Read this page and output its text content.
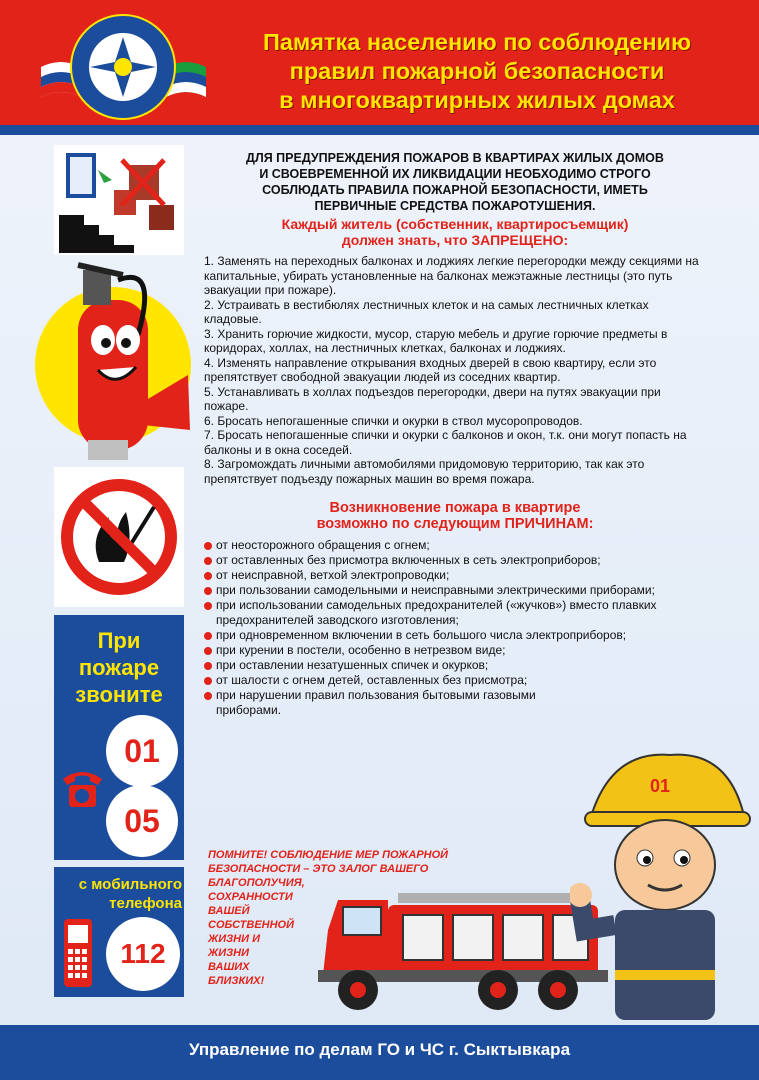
Памятка населению по соблюдению
правил пожарной безопасности
в многоквартирных жилых домах
При
пожаре
звоните
01
05
с мобильного
телефона
112
ДЛЯ ПРЕДУПРЕЖДЕНИЯ ПОЖАРОВ В КВАРТИРАХ ЖИЛЫХ ДОМОВ
И СВОЕВРЕМЕННОЙ ИХ ЛИКВИДАЦИИ НЕОБХОДИМО СТРОГО
СОБЛЮДАТЬ ПРАВИЛА ПОЖАРНОЙ БЕЗОПАСНОСТИ, ИМЕТЬ
ПЕРВИЧНЫЕ СРЕДСТВА ПОЖАРОТУШЕНИЯ.
Каждый житель (собственник, квартиросъемщик)
должен знать, что ЗАПРЕЩЕНО:
1. Заменять на переходных балконах и лоджиях легкие перегородки между секциями на капитальные, убирать установленные на балконах межэтажные лестницы (это путь эвакуации при пожаре).
2. Устраивать в вестибюлях лестничных клеток и на самых лестничных клетках кладовые.
3. Хранить горючие жидкости, мусор, старую мебель и другие горючие предметы в коридорах, холлах, на лестничных клетках, балконах и лоджиях.
4. Изменять направление открывания входных дверей в свою квартиру, если это препятствует свободной эвакуации людей из соседних квартир.
5. Устанавливать в холлах подъездов перегородки, двери на путях эвакуации при пожаре.
6. Бросать непогашенные спички и окурки в ствол мусоропроводов.
7. Бросать непогашенные спички и окурки с балконов и окон, т.к. они могут попасть на балконы и в окна соседей.
8. Загромождать личными автомобилями придомовую территорию, так как это препятствует подъезду пожарных машин во время пожара.
Возникновение пожара в квартире
возможно по следующим ПРИЧИНАМ:
от неосторожного обращения с огнем;
от оставленных без присмотра включенных в сеть электроприборов;
от неисправной, ветхой электропроводки;
при пользовании самодельными и неисправными электрическими приборами;
при использовании самодельных предохранителей («жучков») вместо плавких предохранителей заводского изготовления;
при одновременном включении в сеть большого числа электроприборов;
при курении в постели, особенно в нетрезвом виде;
при оставлении незатушенных спичек и окурков;
от шалости с огнем детей, оставленных без присмотра;
при нарушении правил пользования бытовыми газовыми приборами.
ПОМНИТЕ! СОБЛЮДЕНИЕ МЕР ПОЖАРНОЙ
БЕЗОПАСНОСТИ – ЭТО ЗАЛОГ ВАШЕГО
БЛАГОПОЛУЧИЯ,
СОХРАННОСТИ
ВАШЕЙ
СОБСТВЕННОЙ
ЖИЗНИ И
ЖИЗНИ
ВАШИХ
БЛИЗКИХ!
01
Управление по делам ГО и ЧС г. Сыктывкара
